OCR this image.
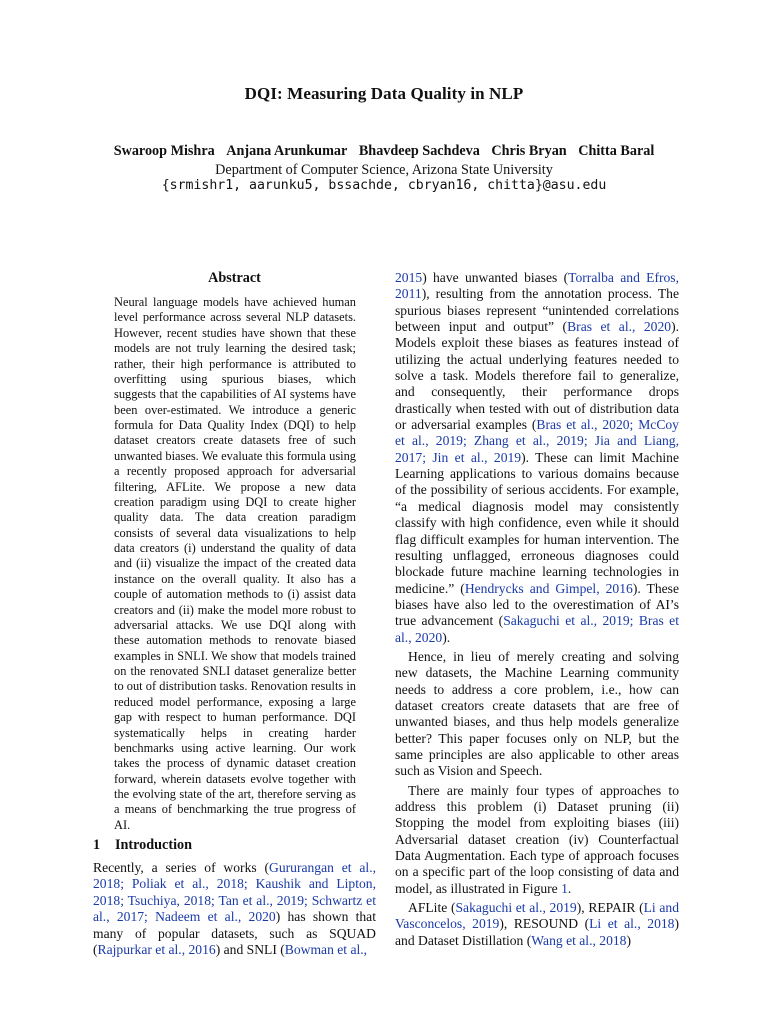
DQI: Measuring Data Quality in NLP
Swaroop Mishra Anjana Arunkumar Bhavdeep Sachdeva Chris Bryan Chitta Baral
Department of Computer Science, Arizona State University
{srmishr1, aarunku5, bssachde, cbryan16, chitta}@asu.edu
Abstract
Neural language models have achieved human level performance across several NLP datasets. However, recent studies have shown that these models are not truly learning the desired task; rather, their high performance is attributed to overfitting using spurious biases, which suggests that the capabilities of AI systems have been over-estimated. We introduce a generic formula for Data Quality Index (DQI) to help dataset creators create datasets free of such unwanted biases. We evaluate this formula using a recently proposed approach for adversarial filtering, AFLite. We propose a new data creation paradigm using DQI to create higher quality data. The data creation paradigm consists of several data visualizations to help data creators (i) understand the quality of data and (ii) visualize the impact of the created data instance on the overall quality. It also has a couple of automation methods to (i) assist data creators and (ii) make the model more robust to adversarial attacks. We use DQI along with these automation methods to renovate biased examples in SNLI. We show that models trained on the renovated SNLI dataset generalize better to out of distribution tasks. Renovation results in reduced model performance, exposing a large gap with respect to human performance. DQI systematically helps in creating harder benchmarks using active learning. Our work takes the process of dynamic dataset creation forward, wherein datasets evolve together with the evolving state of the art, therefore serving as a means of benchmarking the true progress of AI.
1 Introduction

Recently, a series of works (Gururangan et al., 2018; Poliak et al., 2018; Kaushik and Lipton, 2018; Tsuchiya, 2018; Tan et al., 2019; Schwartz et al., 2017; Nadeem et al., 2020) has shown that many of popular datasets, such as SQUAD (Rajpurkar et al., 2016) and SNLI (Bowman et al.,

2015) have unwanted biases (Torralba and Efros, 2011), resulting from the annotation process. The spurious biases represent “unintended correlations between input and output” (Bras et al., 2020). Models exploit these biases as features instead of utilizing the actual underlying features needed to solve a task. Models therefore fail to generalize, and consequently, their performance drops drastically when tested with out of distribution data or adversarial examples (Bras et al., 2020; McCoy et al., 2019; Zhang et al., 2019; Jia and Liang, 2017; Jin et al., 2019). These can limit Machine Learning applications to various domains because of the possibility of serious accidents. For example, “a medical diagnosis model may consistently classify with high confidence, even while it should flag difficult examples for human intervention. The resulting unflagged, erroneous diagnoses could blockade future machine learning technologies in medicine.” (Hendrycks and Gimpel, 2016). These biases have also led to the overestimation of AI’s true advancement (Sakaguchi et al., 2019; Bras et al., 2020).

Hence, in lieu of merely creating and solving new datasets, the Machine Learning community needs to address a core problem, i.e., how can dataset creators create datasets that are free of unwanted biases, and thus help models generalize better? This paper focuses only on NLP, but the same principles are also applicable to other areas such as Vision and Speech.

There are mainly four types of approaches to address this problem (i) Dataset pruning (ii) Stopping the model from exploiting biases (iii) Adversarial dataset creation (iv) Counterfactual Data Augmentation. Each type of approach focuses on a specific part of the loop consisting of data and model, as illustrated in Figure 1.

AFLite (Sakaguchi et al., 2019), REPAIR (Li and Vasconcelos, 2019), RESOUND (Li et al., 2018) and Dataset Distillation (Wang et al., 2018)
